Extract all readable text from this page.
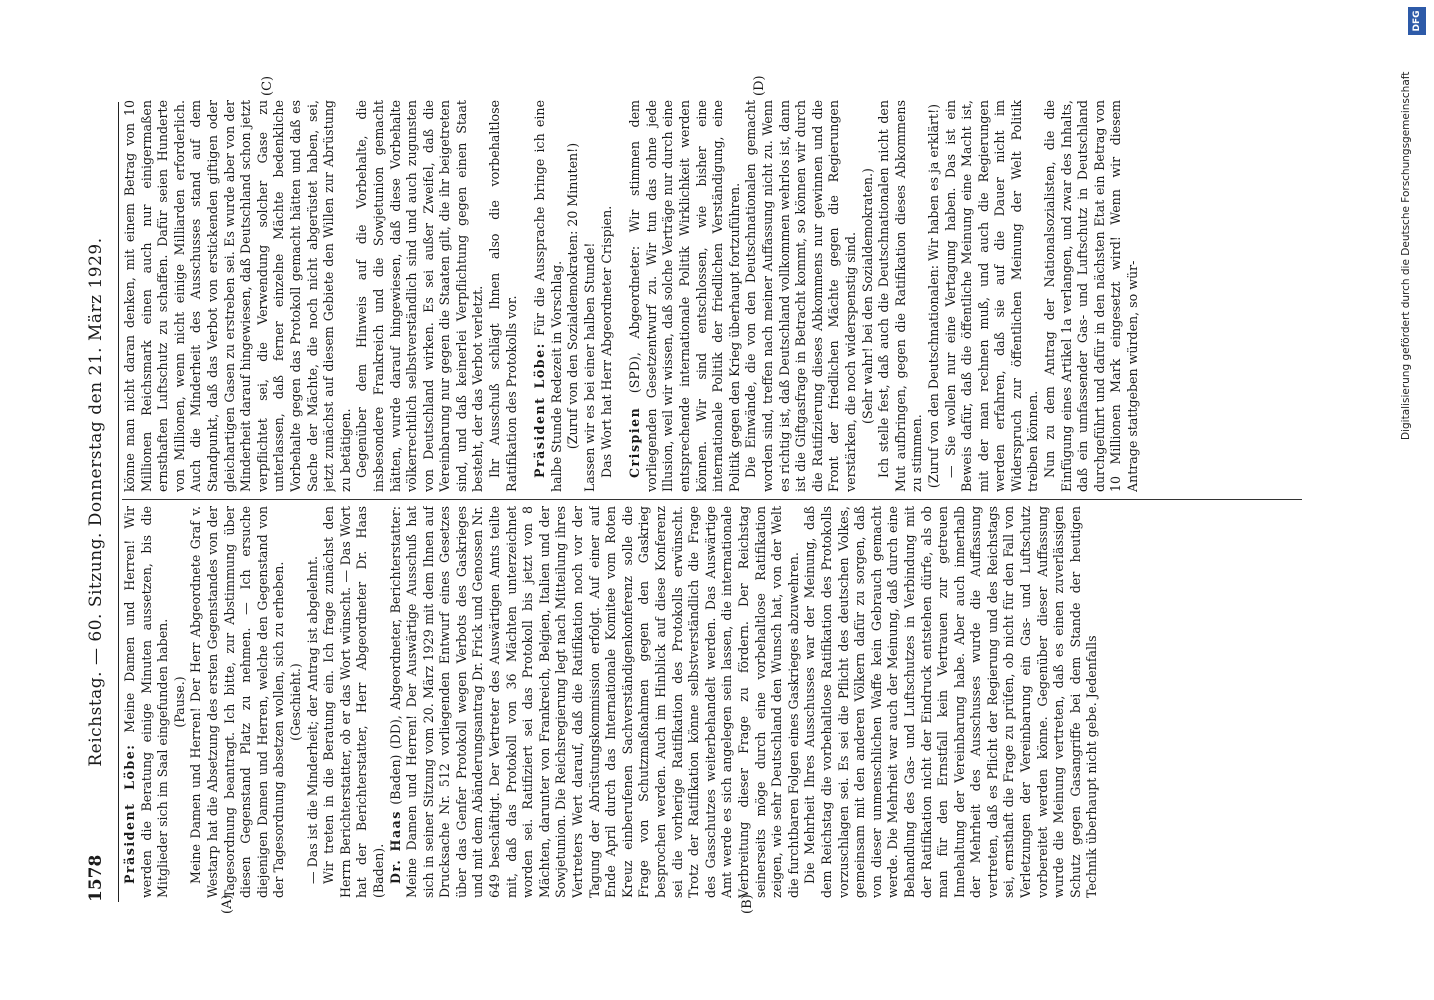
1578
Reichstag. — 60. Sitzung. Donnerstag den 21. März 1929.
(A)	(B)
(C)	(D)

Präsident Löbe: Meine Damen und Herren! Wir werden die Beratung einige Minuten aussetzen, bis die Mitglieder sich im Saal eingefunden haben. (Pause.) Meine Damen und Herren! Der Herr Abgeordnete Graf v. Westarp hat die Absetzung des ersten Gegenstandes von der Tagesordnung beantragt. Ich bitte, zur Abstimmung über diesen Gegenstand Platz zu nehmen. — Ich ersuche diejenigen Damen und Herren, welche den Gegenstand von der Tagesordnung absetzen wollen, sich zu erheben. (Geschieht.) — Das ist die Minderheit; der Antrag ist abgelehnt. Wir treten in die Beratung ein. Ich frage zunächst den Herrn Berichterstatter, ob er das Wort wünscht. — Das Wort hat der Berichterstatter, Herr Abgeordneter Dr. Haas (Baden). Dr. Haas (Baden) (DD), Abgeordneter, Berichterstatter: Meine Damen und Herren! Der Auswärtige Ausschuß hat sich in seiner Sitzung vom 20. März 1929 mit dem Ihnen auf Drucksache Nr. 512 vorliegenden Entwurf eines Gesetzes über das Genfer Protokoll wegen Verbots des Gaskrieges und mit dem Abänderungsantrag Dr. Frick und Genossen Nr. 649 beschäftigt. Der Vertreter des Auswärtigen Amts teilte mit, daß das Protokoll von 36 Mächten unterzeichnet worden sei. Ratifiziert sei das Protokoll bis jetzt von 8 Mächten, darunter von Frankreich, Belgien, Italien und der Sowjetunion. Die Reichsregierung legt nach Mitteilung ihres Vertreters Wert darauf, daß die Ratifikation noch vor der Tagung der Abrüstungskommission erfolgt. Auf einer auf Ende April durch das Internationale Komitee vom Roten Kreuz einberufenen Sachverständigenkonferenz solle die Frage von Schutzmaßnahmen gegen den Gaskrieg besprochen werden. Auch im Hinblick auf diese Konferenz sei die vorherige Ratifikation des Protokolls erwünscht. Trotz der Ratifikation könne selbstverständlich die Frage des Gasschutzes weiterbehandelt werden. Das Auswärtige Amt werde es sich angelegen sein lassen, die internationale Verbreitung dieser Frage zu fördern. Der Reichstag seinerseits möge durch eine vorbehaltlose Ratifikation zeigen, wie sehr Deutschland den Wunsch hat, von der Welt die furchtbaren Folgen eines Gaskrieges abzuwehren. Die Mehrheit Ihres Ausschusses war der Meinung, daß dem Reichstag die vorbehaltlose Ratifikation des Protokolls vorzuschlagen sei. Es sei die Pflicht des deutschen Volkes, gemeinsam mit den anderen Völkern dafür zu sorgen, daß von dieser unmenschlichen Waffe kein Gebrauch gemacht werde. Die Mehrheit war auch der Meinung, daß durch eine Behandlung des Gas- und Luftschutzes in Verbindung mit der Ratifikation nicht der Eindruck entstehen dürfe, als ob man für den Ernstfall kein Vertrauen zur getreuen Innehaltung der Vereinbarung habe. Aber auch innerhalb der Mehrheit des Ausschusses wurde die Auffassung vertreten, daß es Pflicht der Regierung und des Reichstags sei, ernsthaft die Frage zu prüfen, ob nicht für den Fall von Verletzungen der Vereinbarung ein Gas- und Luftschutz vorbereitet werden könne. Gegenüber dieser Auffassung wurde die Meinung vertreten, daß es einen zuverlässigen Schutz gegen Gasangriffe bei dem Stande der heutigen Technik überhaupt nicht gebe. Jedenfalls

könne man nicht daran denken, mit einem Betrag von 10 Millionen Reichsmark einen auch nur einigermaßen ernsthaften Luftschutz zu schaffen. Dafür seien Hunderte von Millionen, wenn nicht einige Milliarden erforderlich. Auch die Minderheit des Ausschusses stand auf dem Standpunkt, daß das Verbot von erstickenden giftigen oder gleichartigen Gasen zu erstreben sei. Es wurde aber von der Minderheit darauf hingewiesen, daß Deutschland schon jetzt verpflichtet sei, die Verwendung solcher Gase zu unterlassen, daß ferner einzelne Mächte bedenkliche Vorbehalte gegen das Protokoll gemacht hätten und daß es Sache der Mächte, die noch nicht abgerüstet haben, sei, jetzt zunächst auf diesem Gebiete den Willen zur Abrüstung zu betätigen. Gegenüber dem Hinweis auf die Vorbehalte, die insbesondere Frankreich und die Sowjetunion gemacht hätten, wurde darauf hingewiesen, daß diese Vorbehalte völkerrechtlich selbstverständlich sind und auch zugunsten von Deutschland wirken. Es sei außer Zweifel, daß die Vereinbarung nur gegen die Staaten gilt, die ihr beigetreten sind, und daß keinerlei Verpflichtung gegen einen Staat besteht, der das Verbot verletzt. Ihr Ausschuß schlägt Ihnen also die vorbehaltlose Ratifikation des Protokolls vor. Präsident Löbe: Für die Aussprache bringe ich eine halbe Stunde Redezeit in Vorschlag. (Zuruf von den Sozialdemokraten: 20 Minuten!) Lassen wir es bei einer halben Stunde! Das Wort hat Herr Abgeordneter Crispien. Crispien (SPD), Abgeordneter: Wir stimmen dem vorliegenden Gesetzentwurf zu. Wir tun das ohne jede Illusion, weil wir wissen, daß solche Verträge nur durch eine entsprechende internationale Politik Wirklichkeit werden können. Wir sind entschlossen, wie bisher eine internationale Politik der friedlichen Verständigung, eine Politik gegen den Krieg überhaupt fortzuführen. Die Einwände, die von den Deutschnationalen gemacht worden sind, treffen nach meiner Auffassung nicht zu. Wenn es richtig ist, daß Deutschland vollkommen wehrlos ist, dann ist die Giftgasfrage in Betracht kommt, so können wir durch die Ratifizierung dieses Abkommens nur gewinnen und die Front der friedlichen Mächte gegen die Regierungen verstärken, die noch widerspenstig sind. (Sehr wahr! bei den Sozialdemokraten.) Ich stelle fest, daß auch die Deutschnationalen nicht den Mut aufbringen, gegen die Ratifikation dieses Abkommens zu stimmen. (Zuruf von den Deutschnationalen: Wir haben es ja erklärt!) — Sie wollen nur eine Vertagung haben. Das ist ein Beweis dafür, daß die öffentliche Meinung eine Macht ist, mit der man rechnen muß, und auch die Regierungen werden erfahren, daß sie auf die Dauer nicht im Widerspruch zur öffentlichen Meinung der Welt Politik treiben können. Nun zu dem Antrag der Nationalsozialisten, die die Einfügung eines Artikel 1a verlangen, und zwar des Inhalts, daß ein umfassender Gas- und Luftschutz in Deutschland durchgeführt und dafür in den nächsten Etat ein Betrag von 10 Millionen Mark eingesetzt wird! Wenn wir diesem Antrage stattgeben würden, so wür-	Digitalisierung gefördert durch die Deutsche Forschungsgemeinschaft
DFG
